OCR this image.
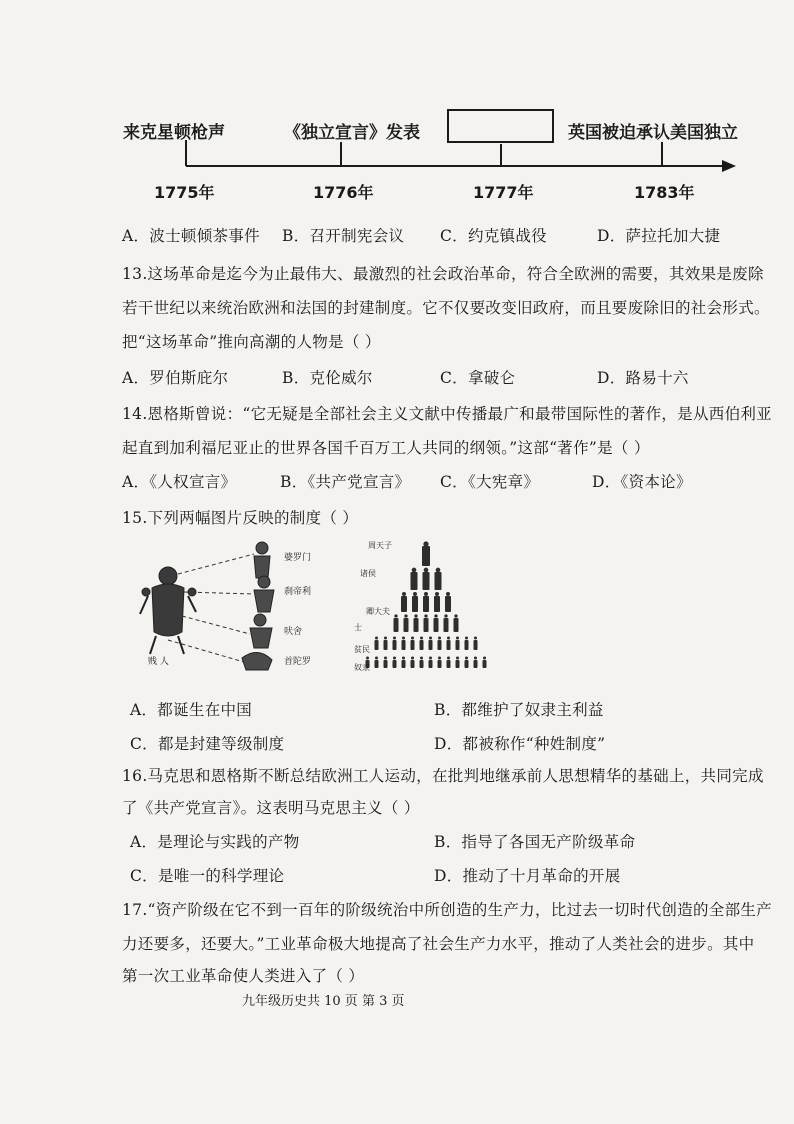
来克星顿枪声	《独立宣言》发表	英国被迫承认美国独立
1775年	1776年	1777年	1783年
A．波士顿倾茶事件 B．召开制宪会议 C．约克镇战役	D．萨拉托加大捷
13.这场革命是迄今为止最伟大、最激烈的社会政治革命，符合全欧洲的需要，其效果是废除
若干世纪以来统治欧洲和法国的封建制度。它不仅要改变旧政府，而且要废除旧的社会形式。
把“这场革命”推向高潮的人物是（ ）
A．罗伯斯庇尔	B．克伦威尔	C．拿破仑	D．路易十六
14.恩格斯曾说：“它无疑是全部社会主义文献中传播最广和最带国际性的著作，是从西伯利亚
起直到加利福尼亚止的世界各国千百万工人共同的纲领。”这部“著作”是（ ）
A．《人权宣言》	B．《共产党宣言》 C．《大宪章》	D．《资本论》
15.下列两幅图片反映的制度（ ）
婆罗门
刹帝利
吠舍
首陀罗
贱 人
周天子
诸侯
卿大夫
士
贫民
奴隶
A．都诞生在中国	B．都维护了奴隶主利益
C．都是封建等级制度	D．都被称作“种姓制度”
16.马克思和恩格斯不断总结欧洲工人运动，在批判地继承前人思想精华的基础上，共同完成
了《共产党宣言》。这表明马克思主义（ ）
A．是理论与实践的产物	B．指导了各国无产阶级革命
C．是唯一的科学理论	D．推动了十月革命的开展
17.“资产阶级在它不到一百年的阶级统治中所创造的生产力，比过去一切时代创造的全部生产
力还要多，还要大。”工业革命极大地提高了社会生产力水平，推动了人类社会的进步。其中
第一次工业革命使人类进入了（ ）
九年级历史共 10 页 第 3 页
